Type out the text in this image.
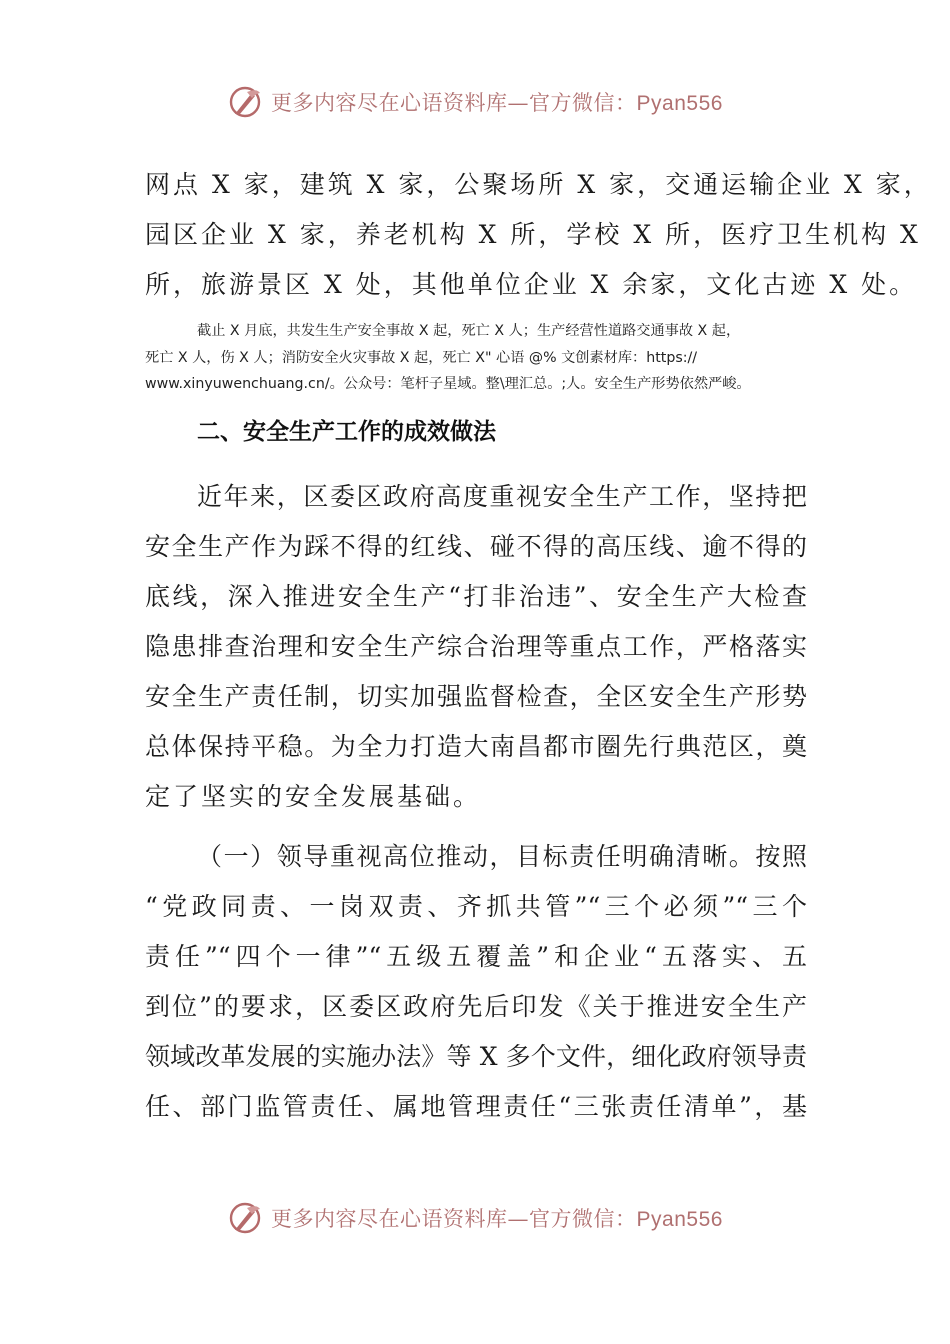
更多内容尽在心语资料库—官方微信：Pyan556
网点 X 家，建筑 X 家，公聚场所 X 家，交通运输企业 X 家，
园区企业 X 家，养老机构 X 所，学校 X 所，医疗卫生机构 X
所，旅游景区 X 处，其他单位企业 X 余家，文化古迹 X 处。
截止 X 月底，共发生生产安全事故 X 起，死亡 X 人；生产经营性道路交通事故 X 起，
死亡 X 人，伤 X 人；消防安全火灾事故 X 起，死亡 X" 心语 @% 文创素材库：https://
www.xinyuwenchuang.cn/。公众号：笔杆子星域。整\理汇总。;人。安全生产形势依然严峻。
二、安全生产工作的成效做法
近年来，区委区政府高度重视安全生产工作，坚持把
安全生产作为踩不得的红线、碰不得的高压线、逾不得的
底线，深入推进安全生产“打非治违”、安全生产大检查
隐患排查治理和安全生产综合治理等重点工作，严格落实
安全生产责任制，切实加强监督检查，全区安全生产形势
总体保持平稳。为全力打造大南昌都市圈先行典范区，奠
定了坚实的安全发展基础。
（一）领导重视高位推动，目标责任明确清晰。按照
“党政同责、一岗双责、齐抓共管”“三个必须”“三个
责任”“四个一律”“五级五覆盖”和企业“五落实、五
到位”的要求，区委区政府先后印发《关于推进安全生产
领域改革发展的实施办法》等 X 多个文件，细化政府领导责
任、部门监管责任、属地管理责任“三张责任清单”，基
更多内容尽在心语资料库—官方微信：Pyan556
